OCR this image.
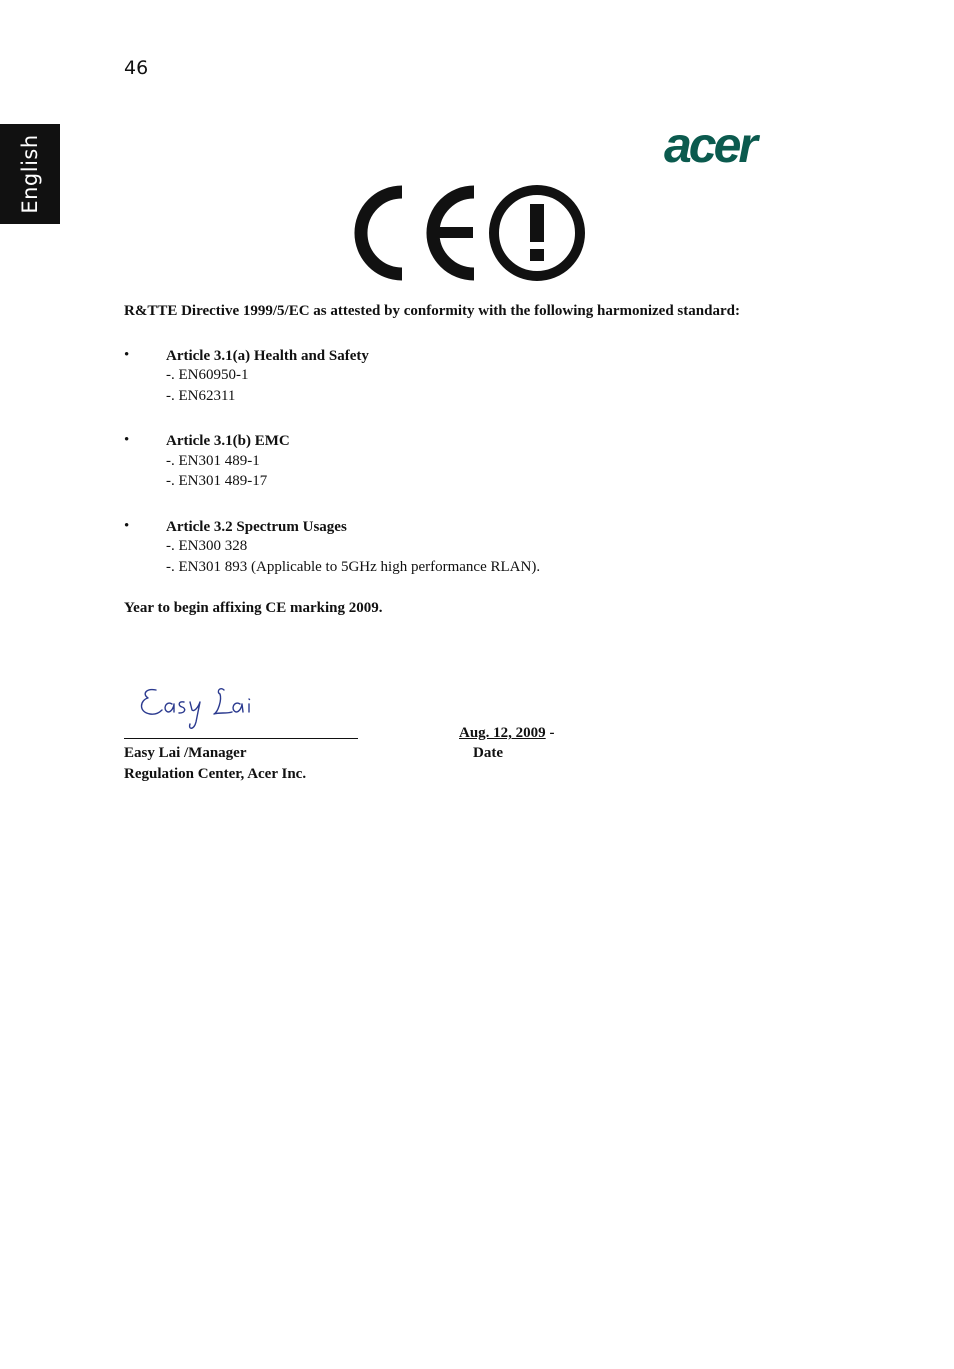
46
English	acer
R&TTE Directive 1999/5/EC as attested by conformity with the following harmonized standard:
• Article 3.1(a) Health and Safety
-. EN60950-1
-. EN62311
• Article 3.1(b) EMC
-. EN301 489-1
-. EN301 489-17
• Article 3.2 Spectrum Usages
-. EN300 328
-. EN301 893 (Applicable to 5GHz high performance RLAN).
Year to begin affixing CE marking 2009.
Easy Lai /Manager
Regulation Center, Acer Inc.
Aug. 12, 2009 -
Date
